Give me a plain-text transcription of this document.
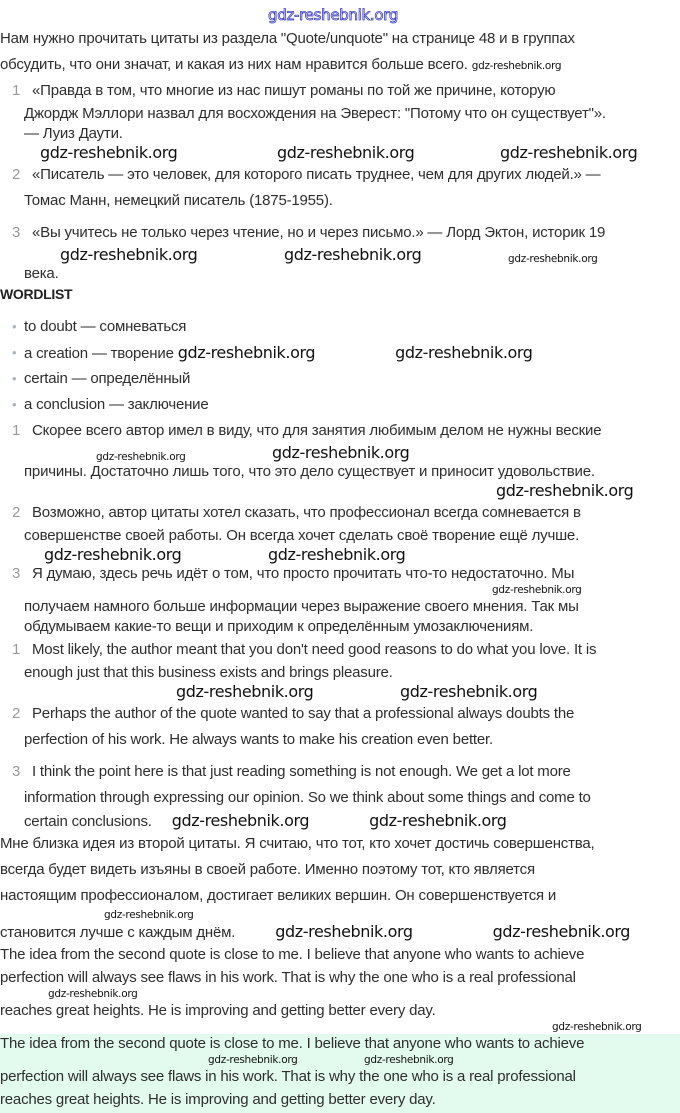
gdz-reshebnik.org
Нам нужно прочитать цитаты из раздела "Quote/unquote" на странице 48 и в группах
обсудить, что они значат, и какая из них нам нравится больше всего. gdz-reshebnik.org
1 «Правда в том, что многие из нас пишут романы по той же причине, которую
Джордж Мэллори назвал для восхождения на Эверест: "Потому что он существует"».
— Луиз Даути.
gdz-reshebnik.org	gdz-reshebnik.org	gdz-reshebnik.org
2 «Писатель — это человек, для которого писать труднее, чем для других людей.» —
Томас Манн, немецкий писатель (1875-1955).
3 «Вы учитесь не только через чтение, но и через письмо.» — Лорд Эктон, историк 19
gdz-reshebnik.org	gdz-reshebnik.org	gdz-reshebnik.org
века.
WORDLIST
• to doubt — сомневаться
• a creation — творение gdz-reshebnik.org	gdz-reshebnik.org
• certain — определённый
• a conclusion — заключение
1 Скорее всего автор имел в виду, что для занятия любимым делом не нужны веские
gdz-reshebnik.org	gdz-reshebnik.org
причины. Достаточно лишь того, что это дело существует и приносит удовольствие.
gdz-reshebnik.org
2 Возможно, автор цитаты хотел сказать, что профессионал всегда сомневается в
совершенстве своей работы. Он всегда хочет сделать своё творение ещё лучше.
gdz-reshebnik.org	gdz-reshebnik.org
3 Я думаю, здесь речь идёт о том, что просто прочитать что-то недостаточно. Мы
gdz-reshebnik.org
получаем намного больше информации через выражение своего мнения. Так мы
обдумываем какие-то вещи и приходим к определённым умозаключениям.
1 Most likely, the author meant that you don't need good reasons to do what you love. It is
enough just that this business exists and brings pleasure.
gdz-reshebnik.org	gdz-reshebnik.org
2 Perhaps the author of the quote wanted to say that a professional always doubts the
perfection of his work. He always wants to make his creation even better.
3 I think the point here is that just reading something is not enough. We get a lot more
information through expressing our opinion. So we think about some things and come to
certain conclusions. gdz-reshebnik.org	gdz-reshebnik.org
Мне близка идея из второй цитаты. Я считаю, что тот, кто хочет достичь совершенства,
всегда будет видеть изъяны в своей работе. Именно поэтому тот, кто является
настоящим профессионалом, достигает великих вершин. Он совершенствуется и
gdz-reshebnik.org
становится лучше с каждым днём.	gdz-reshebnik.org	gdz-reshebnik.org
The idea from the second quote is close to me. I believe that anyone who wants to achieve
perfection will always see flaws in his work. That is why the one who is a real professional
gdz-reshebnik.org
reaches great heights. He is improving and getting better every day.
gdz-reshebnik.org
The idea from the second quote is close to me. I believe that anyone who wants to achieve
gdz-reshebnik.org	gdz-reshebnik.org
perfection will always see flaws in his work. That is why the one who is a real professional
reaches great heights. He is improving and getting better every day.
